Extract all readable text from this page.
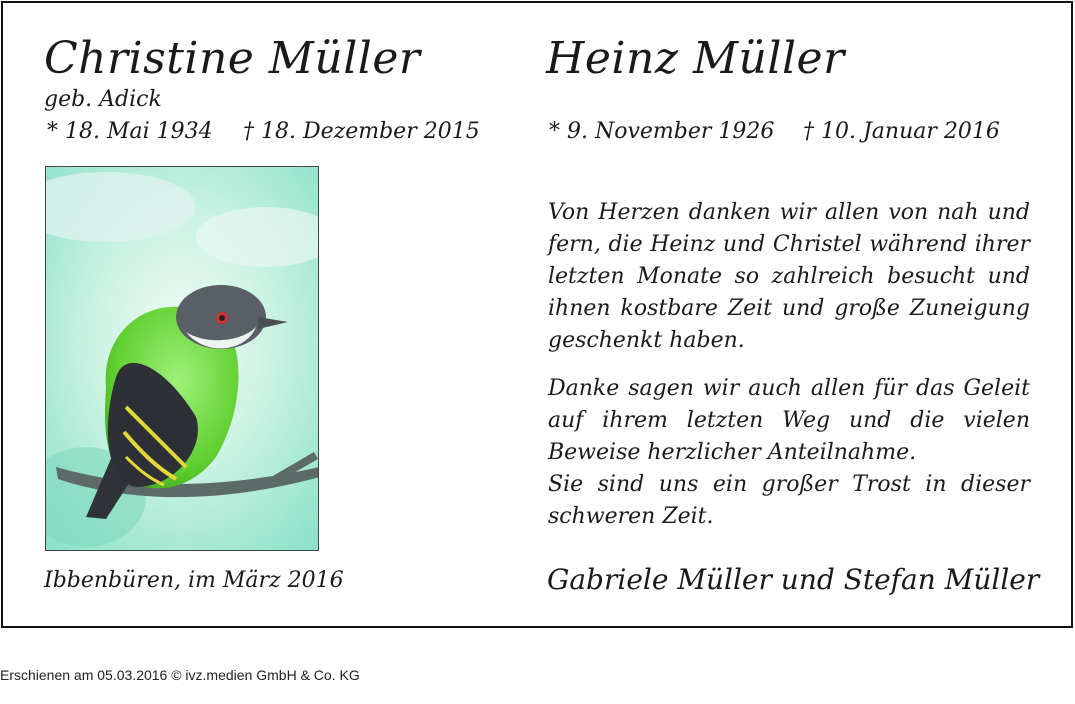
Christine Müller
geb. Adick
* 18. Mai 1934 † 18. Dezember 2015
Ibbenbüren, im März 2016
Heinz Müller
* 9. November 1926 † 10. Januar 2016

Von Herzen danken wir allen von nah und fern, die Heinz und Christel während ihrer letzten Monate so zahlreich besucht und ihnen kostbare Zeit und große Zuneigung geschenkt haben.

Danke sagen wir auch allen für das Geleit auf ihrem letzten Weg und die vielen Beweise herzlicher Anteilnahme.

Sie sind uns ein großer Trost in dieser schweren Zeit.

Gabriele Müller und Stefan Müller
Erschienen am 05.03.2016 © ivz.medien GmbH & Co. KG
